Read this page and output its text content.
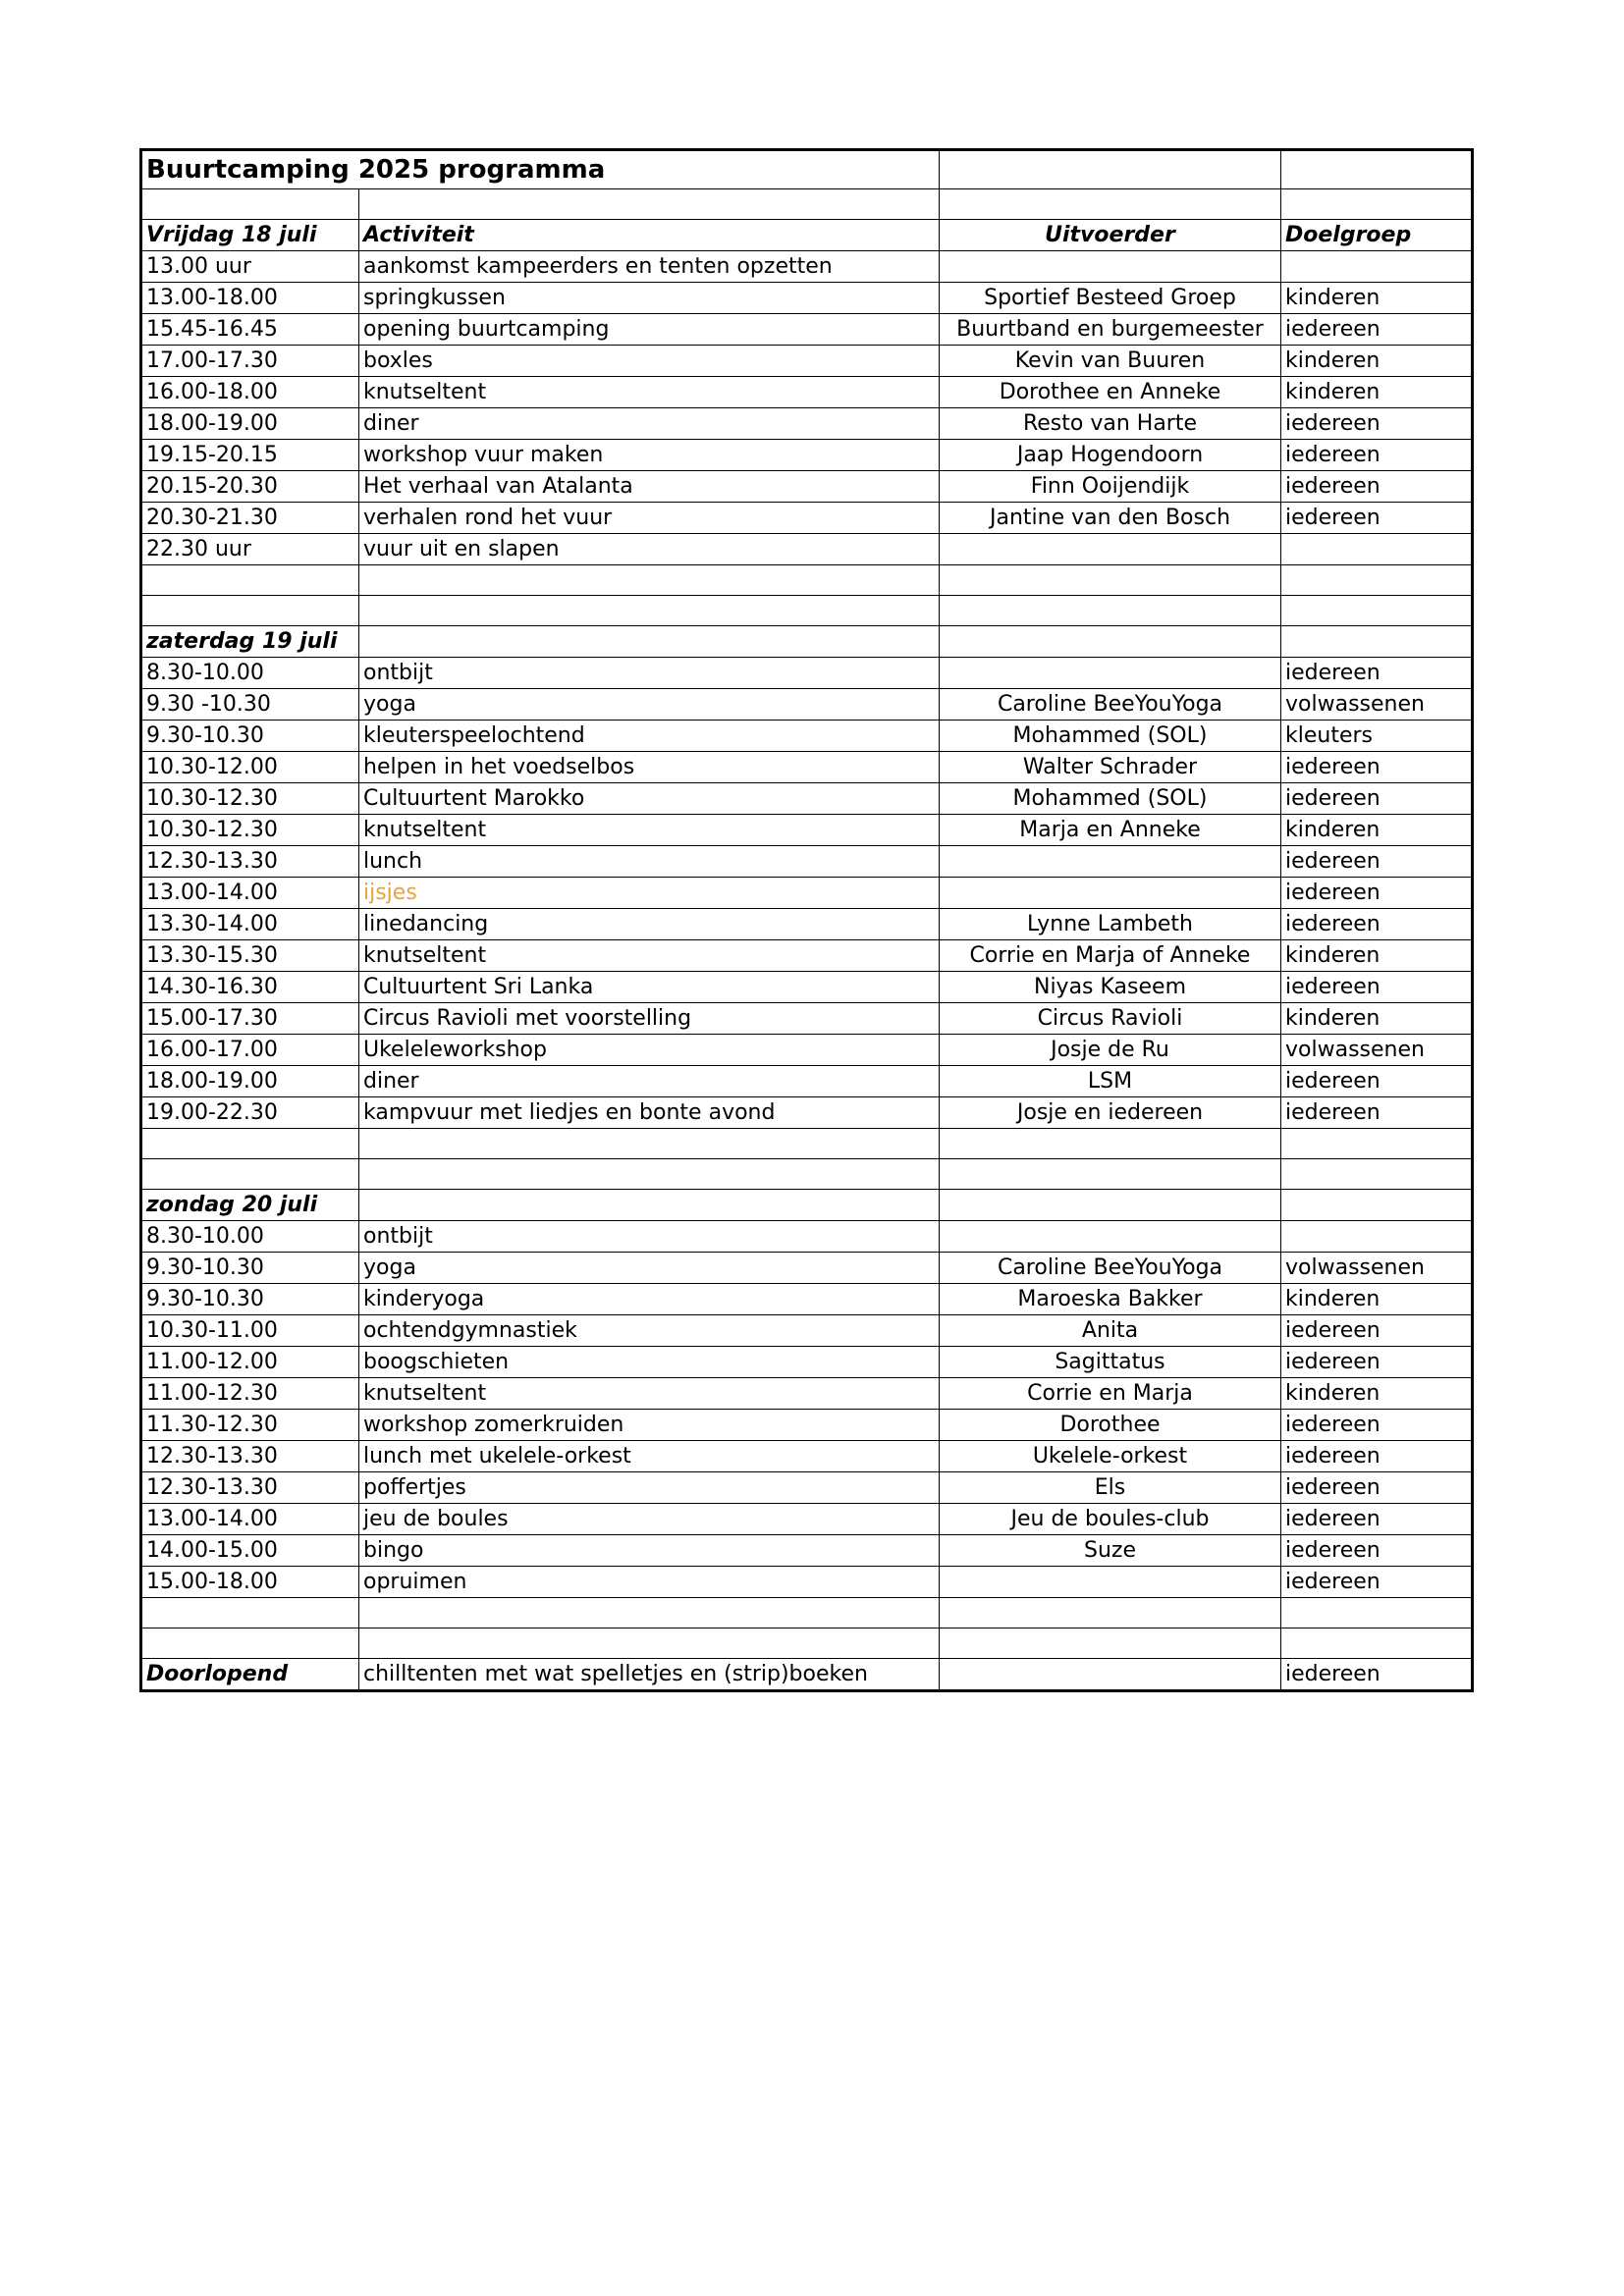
Buurtcamping 2025 programma			

Vrijdag 18 juli	Activiteit	Uitvoerder	Doelgroep
13.00 uur	aankomst kampeerders en tenten opzetten		
13.00-18.00	springkussen	Sportief Besteed Groep	kinderen
15.45-16.45	opening buurtcamping	Buurtband en burgemeester	iedereen
17.00-17.30	boxles	Kevin van Buuren	kinderen
16.00-18.00	knutseltent	Dorothee en Anneke	kinderen
18.00-19.00	diner	Resto van Harte	iedereen
19.15-20.15	workshop vuur maken	Jaap Hogendoorn	iedereen
20.15-20.30	Het verhaal van Atalanta	Finn Ooijendijk	iedereen
20.30-21.30	verhalen rond het vuur	Jantine van den Bosch	iedereen
22.30 uur	vuur uit en slapen		

zaterdag 19 juli			
8.30-10.00	ontbijt		iedereen
9.30 -10.30	yoga	Caroline BeeYouYoga	volwassenen
9.30-10.30	kleuterspeelochtend	Mohammed (SOL)	kleuters
10.30-12.00	helpen in het voedselbos	Walter Schrader	iedereen
10.30-12.30	Cultuurtent Marokko	Mohammed (SOL)	iedereen
10.30-12.30	knutseltent	Marja en Anneke	kinderen
12.30-13.30	lunch		iedereen
13.00-14.00	ijsjes		iedereen
13.30-14.00	linedancing	Lynne Lambeth	iedereen
13.30-15.30	knutseltent	Corrie en Marja of Anneke	kinderen
14.30-16.30	Cultuurtent Sri Lanka	Niyas Kaseem	iedereen
15.00-17.30	Circus Ravioli met voorstelling	Circus Ravioli	kinderen
16.00-17.00	Ukeleleworkshop	Josje de Ru	volwassenen
18.00-19.00	diner	LSM	iedereen
19.00-22.30	kampvuur met liedjes en bonte avond	Josje en iedereen	iedereen

zondag 20 juli			
8.30-10.00	ontbijt		
9.30-10.30	yoga	Caroline BeeYouYoga	volwassenen
9.30-10.30	kinderyoga	Maroeska Bakker	kinderen
10.30-11.00	ochtendgymnastiek	Anita	iedereen
11.00-12.00	boogschieten	Sagittatus	iedereen
11.00-12.30	knutseltent	Corrie en Marja	kinderen
11.30-12.30	workshop zomerkruiden	Dorothee	iedereen
12.30-13.30	lunch met ukelele-orkest	Ukelele-orkest	iedereen
12.30-13.30	poffertjes	Els	iedereen
13.00-14.00	jeu de boules	Jeu de boules-club	iedereen
14.00-15.00	bingo	Suze	iedereen
15.00-18.00	opruimen		iedereen

Doorlopend	chilltenten met wat spelletjes en (strip)boeken		iedereen
